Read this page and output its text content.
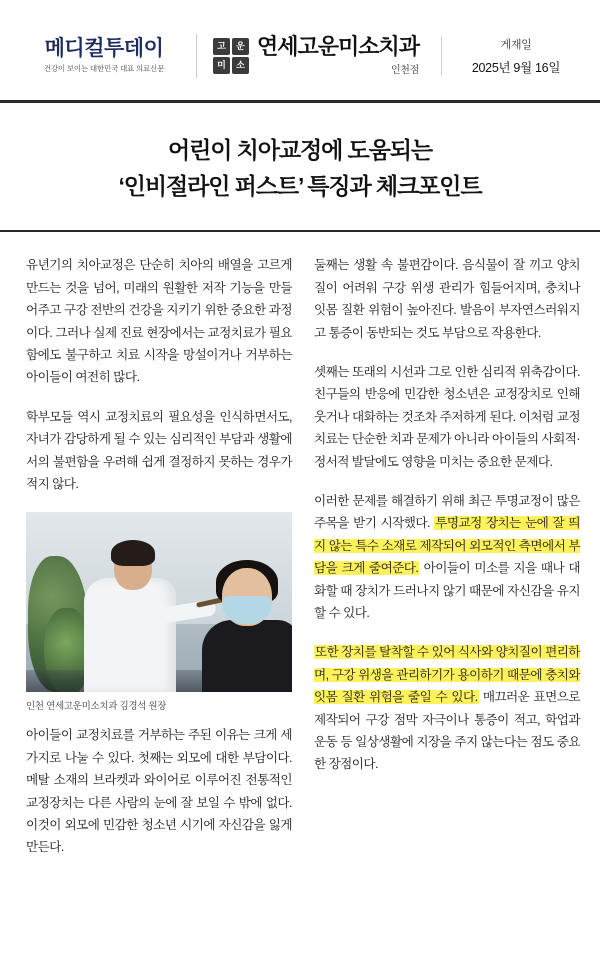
메디컬투데이
건강이 보이는 대한민국 대표 의료신문
고	운
미	소
연세고운미소치과
인천점
게재일
2025년 9월 16일
어린이 치아교정에 도움되는
‘인비절라인 퍼스트’ 특징과 체크포인트

유년기의 치아교정은 단순히 치아의 배열을 고르게 만드는 것을 넘어, 미래의 원활한 저작 기능을 만들어주고 구강 전반의 건강을 지키기 위한 중요한 과정이다. 그러나 실제 진료 현장에서는 교정치료가 필요함에도 불구하고 치료 시작을 망설이거나 거부하는 아이들이 여전히 많다.

학부모들 역시 교정치료의 필요성을 인식하면서도, 자녀가 감당하게 될 수 있는 심리적인 부담과 생활에서의 불편함을 우려해 쉽게 결정하지 못하는 경우가 적지 않다.

인천 연세고운미소치과 김경석 원장

아이들이 교정치료를 거부하는 주된 이유는 크게 세 가지로 나눌 수 있다. 첫째는 외모에 대한 부담이다. 메탈 소재의 브라켓과 와이어로 이루어진 전통적인 교정장치는 다른 사람의 눈에 잘 보일 수 밖에 없다. 이것이 외모에 민감한 청소년 시기에 자신감을 잃게 만든다.

둘째는 생활 속 불편감이다. 음식물이 잘 끼고 양치질이 어려워 구강 위생 관리가 힘들어지며, 충치나 잇몸 질환 위험이 높아진다. 발음이 부자연스러워지고 통증이 동반되는 것도 부담으로 작용한다.

셋째는 또래의 시선과 그로 인한 심리적 위축감이다. 친구들의 반응에 민감한 청소년은 교정장치로 인해 웃거나 대화하는 것조차 주저하게 된다. 이처럼 교정치료는 단순한 치과 문제가 아니라 아이들의 사회적·정서적 발달에도 영향을 미치는 중요한 문제다.

이러한 문제를 해결하기 위해 최근 투명교정이 많은 주목을 받기 시작했다. 투명교정 장치는 눈에 잘 띄지 않는 특수 소재로 제작되어 외모적인 측면에서 부담을 크게 줄여준다. 아이들이 미소를 지을 때나 대화할 때 장치가 드러나지 않기 때문에 자신감을 유지할 수 있다.

또한 장치를 탈착할 수 있어 식사와 양치질이 편리하며, 구강 위생을 관리하기가 용이하기 때문에 충치와 잇몸 질환 위험을 줄일 수 있다. 매끄러운 표면으로 제작되어 구강 점막 자극이나 통증이 적고, 학업과 운동 등 일상생활에 지장을 주지 않는다는 점도 중요한 장점이다.
